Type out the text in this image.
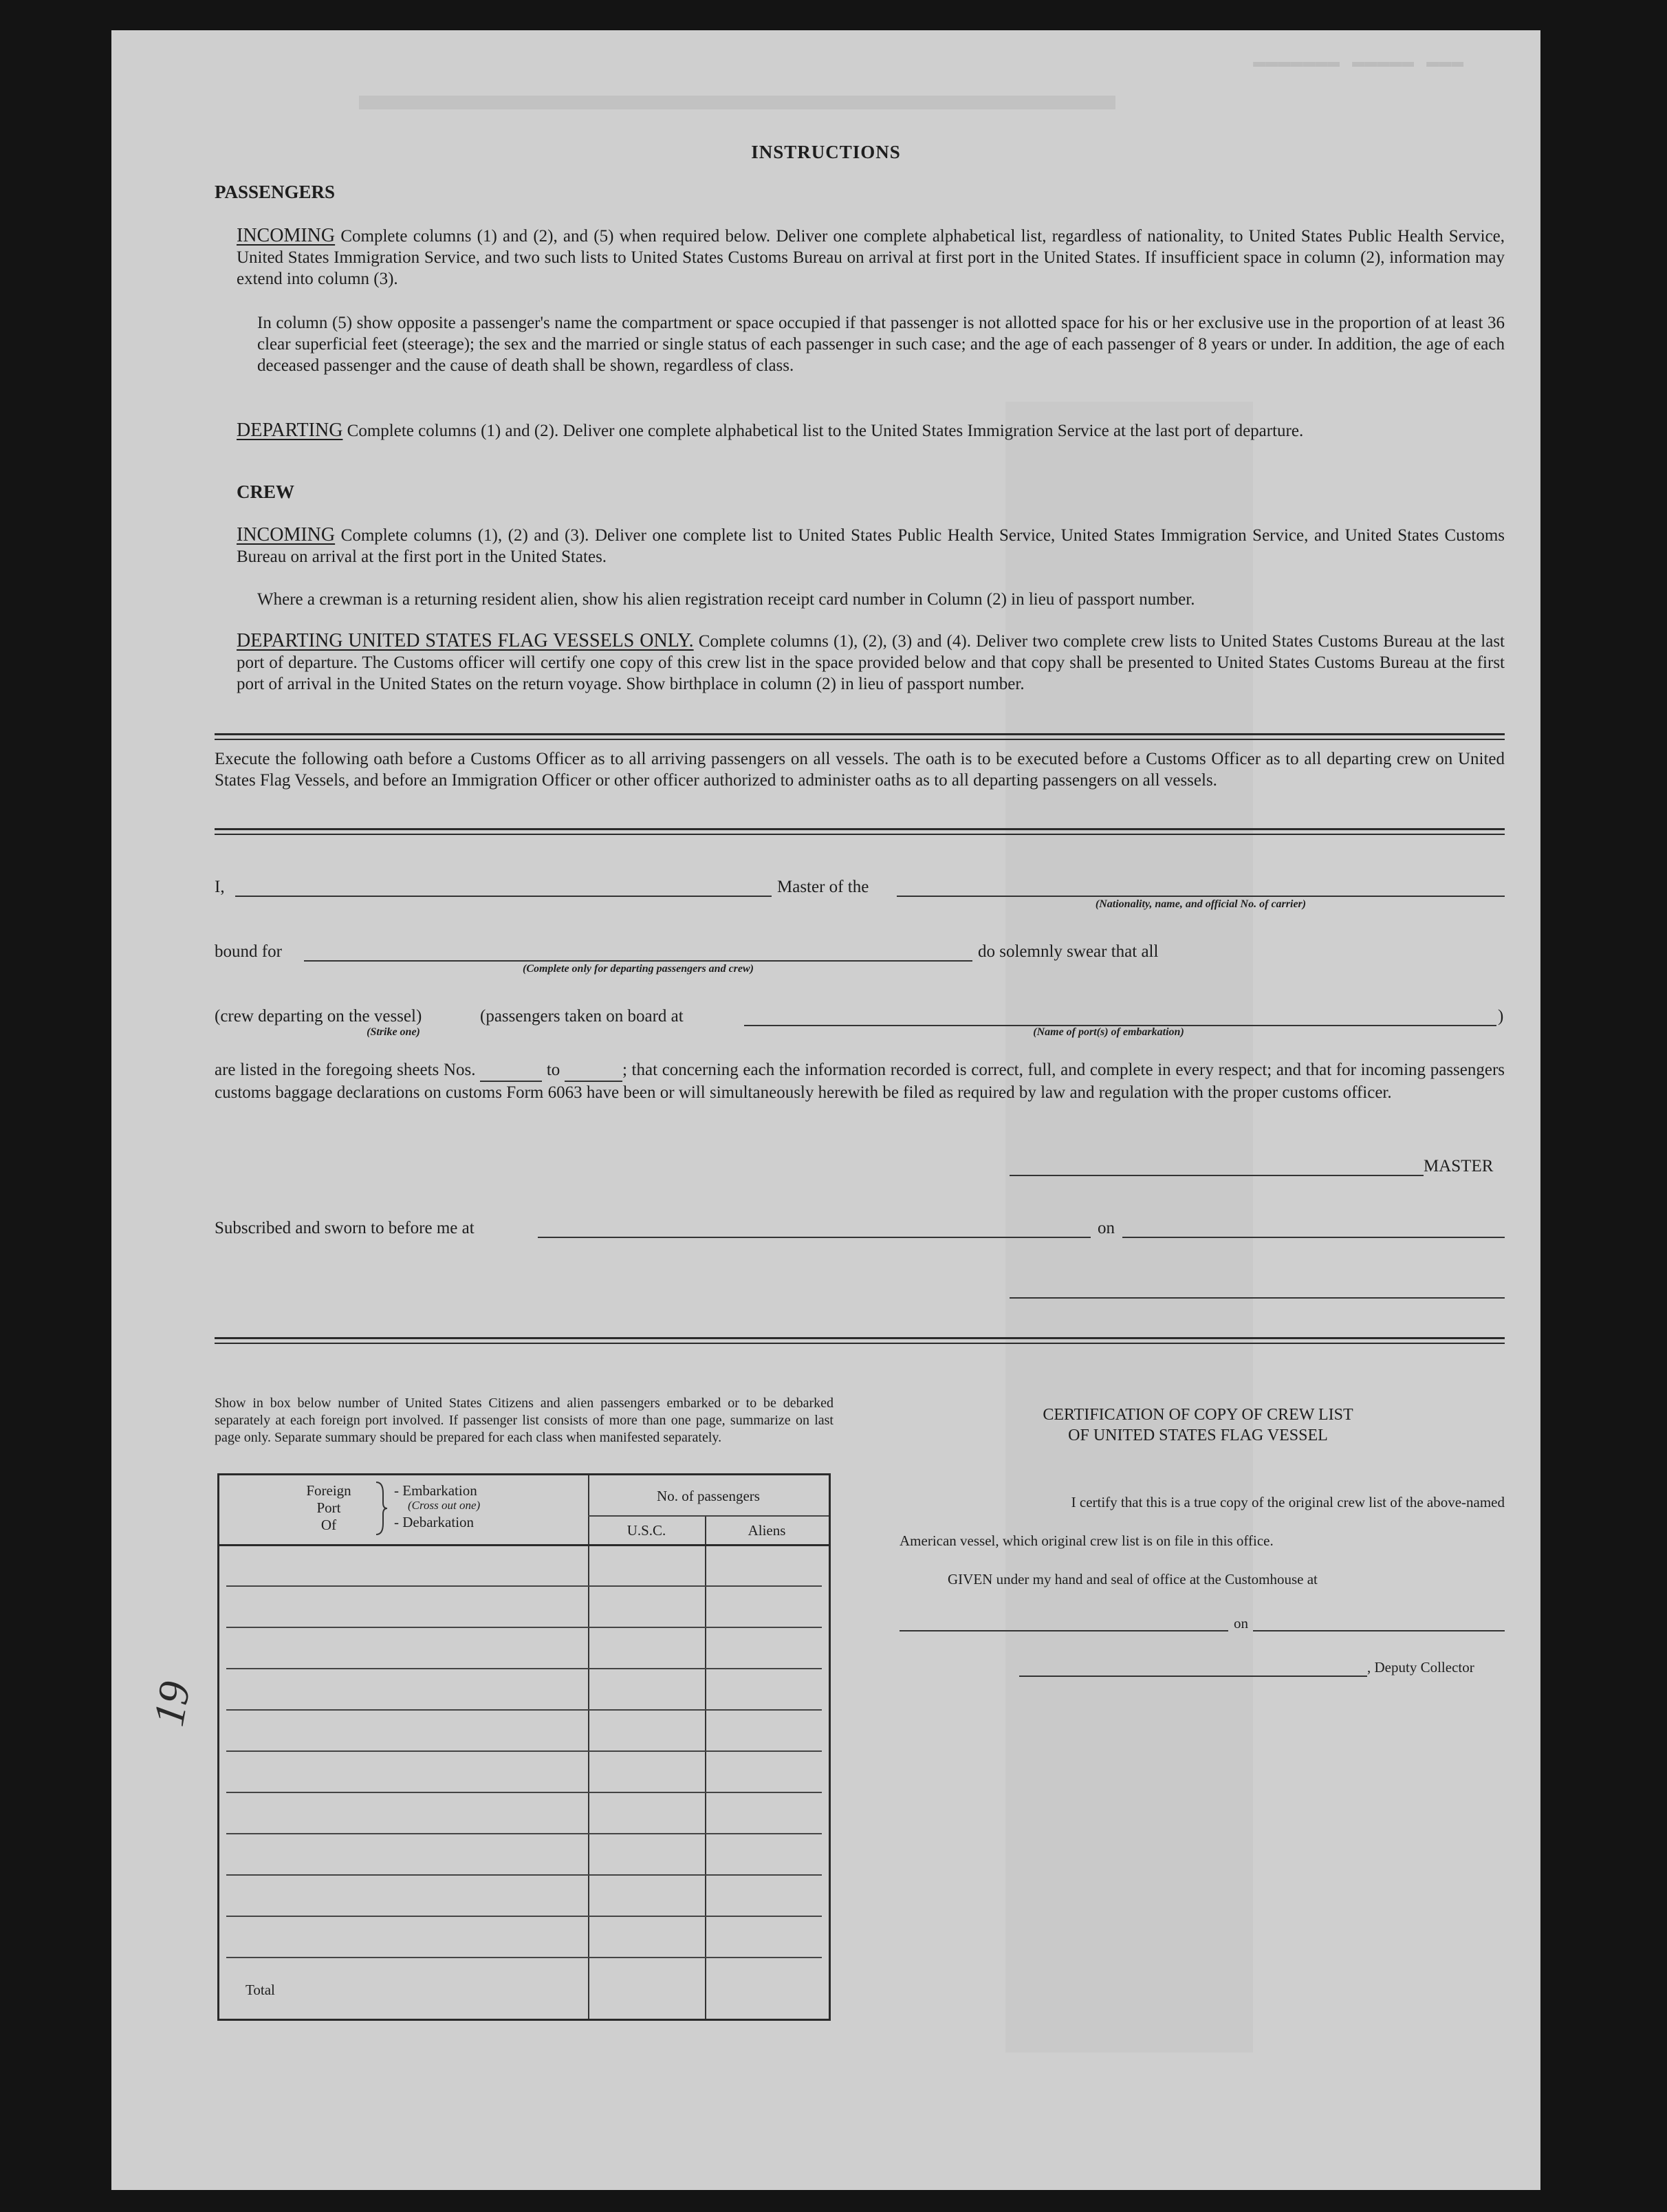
▬▬▬ ▬▬▬▬▬ ▬▬▬▬▬▬▬
INSTRUCTIONS
PASSENGERS
INCOMING Complete columns (1) and (2), and (5) when required below. Deliver one complete alphabetical list, regardless of nationality, to United States Public Health Service, United States Immigration Service, and two such lists to United States Customs Bureau on arrival at first port in the United States. If insufficient space in column (2), information may extend into column (3).
In column (5) show opposite a passenger's name the compartment or space occupied if that passenger is not allotted space for his or her exclusive use in the proportion of at least 36 clear superficial feet (steerage); the sex and the married or single status of each passenger in such case; and the age of each passenger of 8 years or under. In addition, the age of each deceased passenger and the cause of death shall be shown, regardless of class.
DEPARTING Complete columns (1) and (2). Deliver one complete alphabetical list to the United States Immigration Service at the last port of departure.
CREW
INCOMING Complete columns (1), (2) and (3). Deliver one complete list to United States Public Health Service, United States Immigration Service, and United States Customs Bureau on arrival at the first port in the United States.
Where a crewman is a returning resident alien, show his alien registration receipt card number in Column (2) in lieu of passport number.
DEPARTING UNITED STATES FLAG VESSELS ONLY. Complete columns (1), (2), (3) and (4). Deliver two complete crew lists to United States Customs Bureau at the last port of departure. The Customs officer will certify one copy of this crew list in the space provided below and that copy shall be presented to United States Customs Bureau at the first port of arrival in the United States on the return voyage. Show birthplace in column (2) in lieu of passport number.
Execute the following oath before a Customs Officer as to all arriving passengers on all vessels. The oath is to be executed before a Customs Officer as to all departing crew on United States Flag Vessels, and before an Immigration Officer or other officer authorized to administer oaths as to all departing passengers on all vessels.
I,	Master of the
(Nationality, name, and official No. of carrier)
bound for
(Complete only for departing passengers and crew)
do solemnly swear that all
(crew departing on the vessel)	(passengers taken on board at	)
(Strike one)	(Name of port(s) of embarkation)
are listed in the foregoing sheets Nos.	to	; that concerning each the information recorded is correct, full, and complete in every respect; and that for incoming passengers customs baggage declarations on customs Form 6063 have been or will simultaneously herewith be filed as required by law and regulation with the proper customs officer.
MASTER
Subscribed and sworn to before me at	on
Show in box below number of United States Citizens and alien passengers embarked or to be debarked separately at each foreign port involved. If passenger list consists of more than one page, summarize on last page only. Separate summary should be prepared for each class when manifested separately.
Foreign
Port
Of
- Embarkation
(Cross out one)
- Debarkation
No. of passengers
U.S.C.	Aliens
Total
CERTIFICATION OF COPY OF CREW LIST
OF UNITED STATES FLAG VESSEL
I certify that this is a true copy of the original crew list of the above-named
American vessel, which original crew list is on file in this office.
GIVEN under my hand and seal of office at the Customhouse at
on
, Deputy Collector
19
